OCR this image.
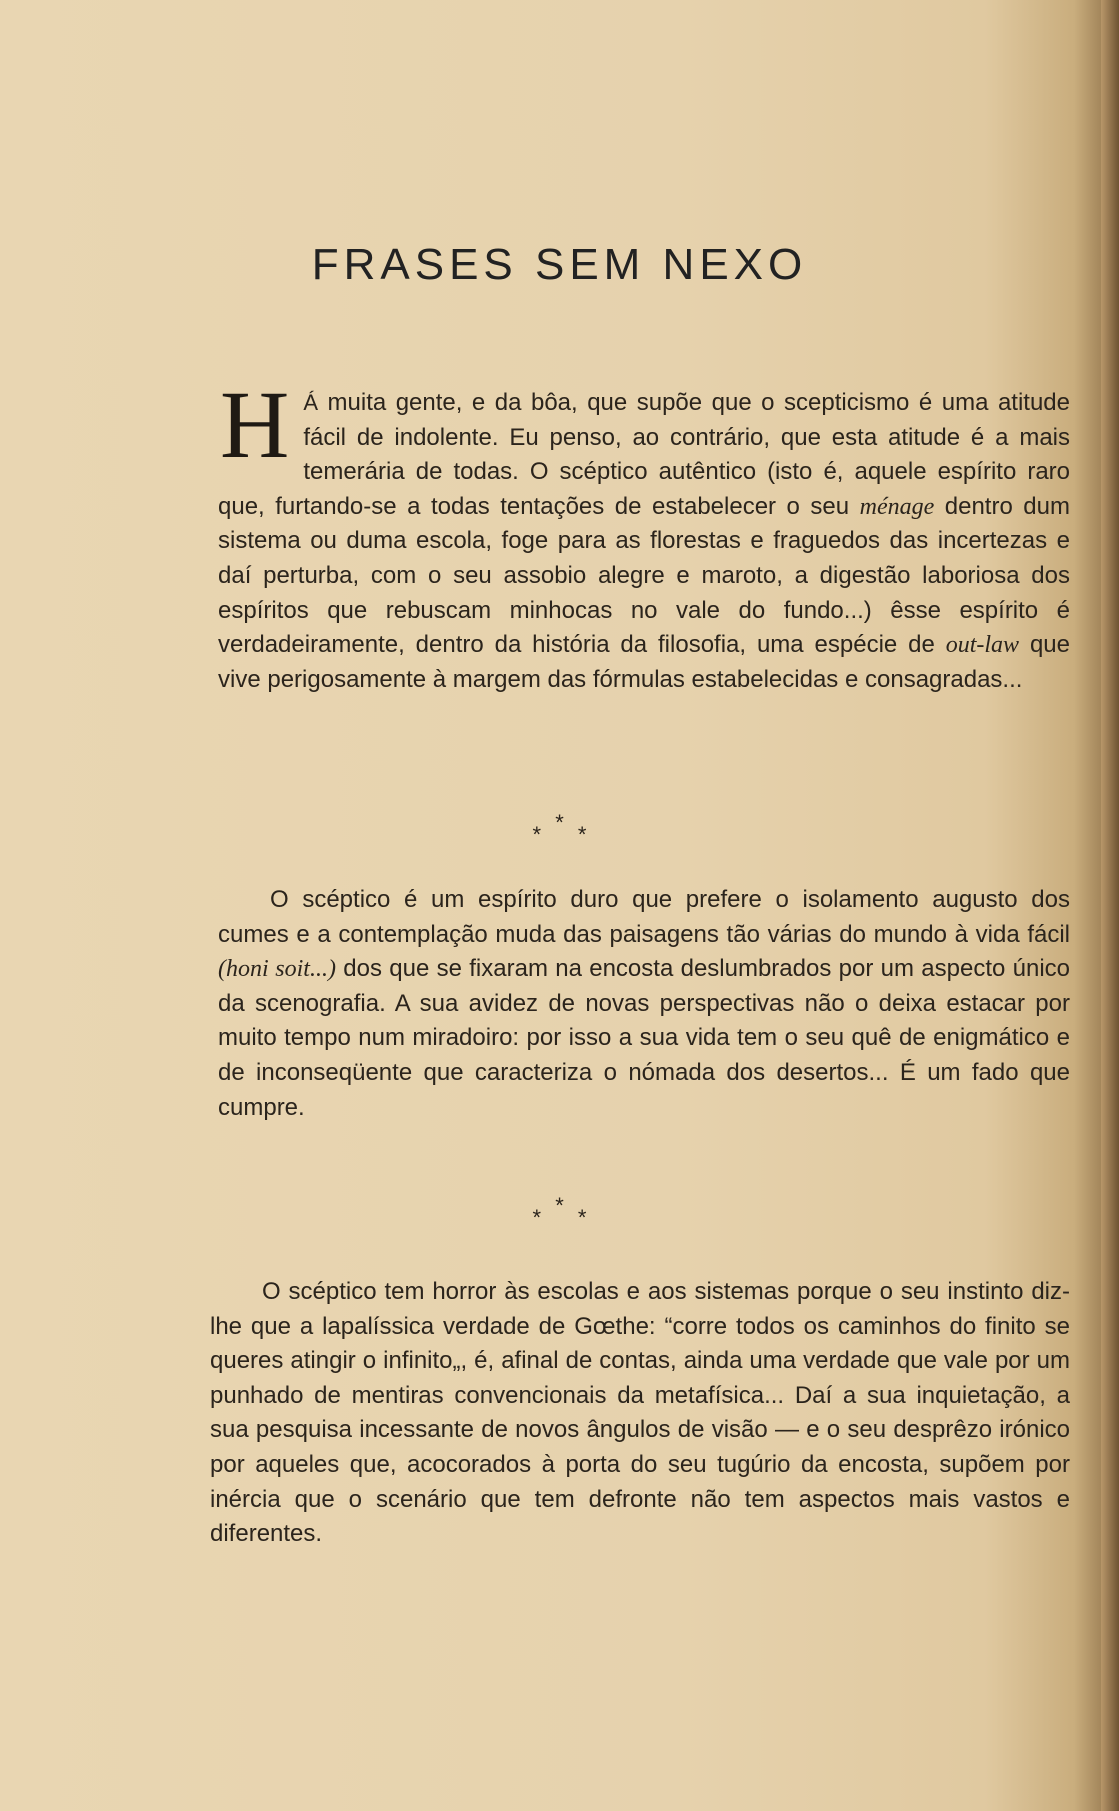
FRASES SEM NEXO

H Á muita gente, e da bôa, que supõe que o scepticismo é uma atitude fácil de indolente. Eu penso, ao contrário, que esta atitude é a mais temerária de todas. O scéptico autêntico (isto é, aquele espírito raro que, furtando-se a todas tentações de estabelecer o seu ménage dentro dum sistema ou duma escola, foge para as florestas e fraguedos das incertezas e daí perturba, com o seu assobio alegre e maroto, a digestão laboriosa dos espíritos que rebuscam minhocas no vale do fundo...) êsse espírito é verdadeiramente, dentro da história da filosofia, uma espécie de out-law que vive perigosamente à margem das fórmulas estabelecidas e consagradas...

* * *

O scéptico é um espírito duro que prefere o isolamento augusto dos cumes e a contemplação muda das paisagens tão várias do mundo à vida fácil (honi soit...) dos que se fixaram na encosta deslumbrados por um aspecto único da scenografia. A sua avidez de novas perspectivas não o deixa estacar por muito tempo num miradoiro: por isso a sua vida tem o seu quê de enigmático e de inconseqüente que caracteriza o nómada dos desertos... É um fado que cumpre.

* * *

O scéptico tem horror às escolas e aos sistemas porque o seu instinto diz-lhe que a lapalíssica verdade de Gœthe: “corre todos os caminhos do finito se queres atingir o infinito„, é, afinal de contas, ainda uma verdade que vale por um punhado de mentiras convencionais da metafísica... Daí a sua inquietação, a sua pesquisa incessante de novos ângulos de visão — e o seu desprêzo irónico por aqueles que, acocorados à porta do seu tugúrio da encosta, supõem por inércia que o scenário que tem defronte não tem aspectos mais vastos e diferentes.
